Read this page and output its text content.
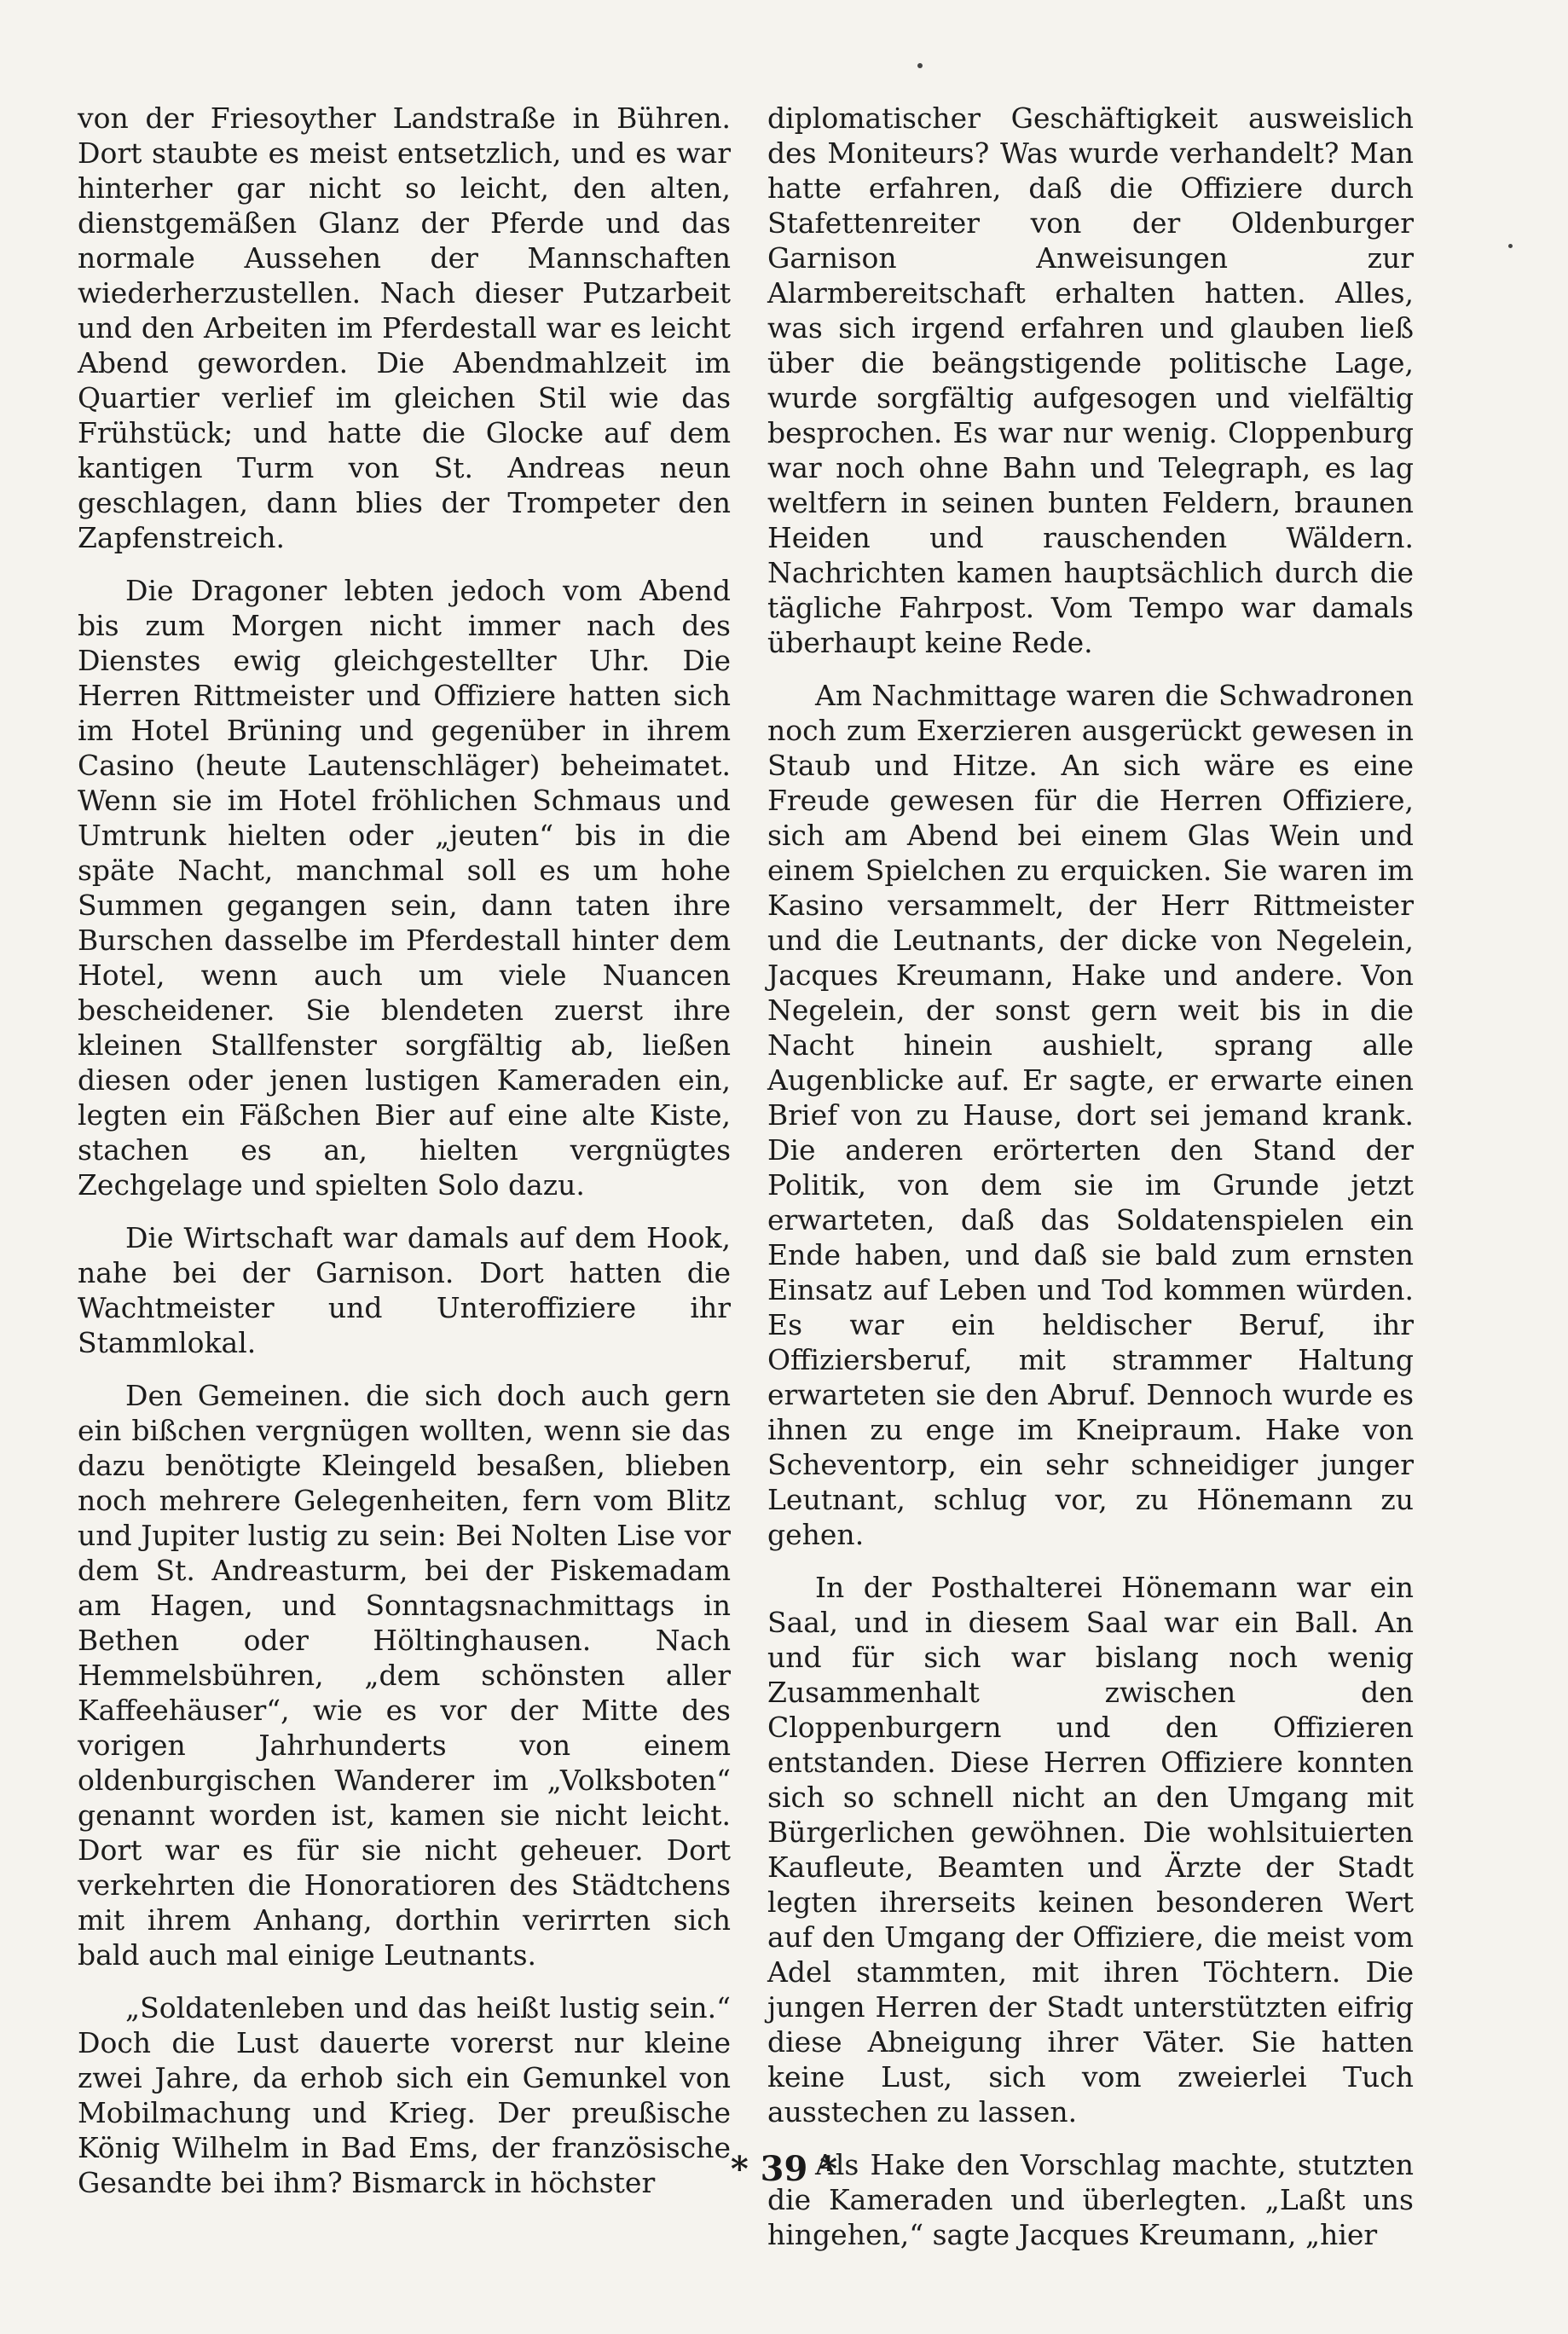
von der Friesoyther Landstraße in Bühren. Dort staubte es meist entsetzlich, und es war hinterher gar nicht so leicht, den alten, dienstgemäßen Glanz der Pferde und das normale Aussehen der Mannschaften wiederherzustellen. Nach dieser Putzarbeit und den Arbeiten im Pferdestall war es leicht Abend geworden. Die Abendmahlzeit im Quartier verlief im gleichen Stil wie das Frühstück; und hatte die Glocke auf dem kantigen Turm von St. Andreas neun geschlagen, dann blies der Trompeter den Zapfenstreich.

Die Dragoner lebten jedoch vom Abend bis zum Morgen nicht immer nach des Dienstes ewig gleichgestellter Uhr. Die Herren Rittmeister und Offiziere hatten sich im Hotel Brüning und gegenüber in ihrem Casino (heute Lautenschläger) beheimatet. Wenn sie im Hotel fröhlichen Schmaus und Umtrunk hielten oder „jeuten“ bis in die späte Nacht, manchmal soll es um hohe Summen gegangen sein, dann taten ihre Burschen dasselbe im Pferdestall hinter dem Hotel, wenn auch um viele Nuancen bescheidener. Sie blendeten zuerst ihre kleinen Stallfenster sorgfältig ab, ließen diesen oder jenen lustigen Kameraden ein, legten ein Fäßchen Bier auf eine alte Kiste, stachen es an, hielten vergnügtes Zechgelage und spielten Solo dazu.

Die Wirtschaft war damals auf dem Hook, nahe bei der Garnison. Dort hatten die Wachtmeister und Unteroffiziere ihr Stammlokal.

Den Gemeinen. die sich doch auch gern ein bißchen vergnügen wollten, wenn sie das dazu benötigte Kleingeld besaßen, blieben noch mehrere Gelegenheiten, fern vom Blitz und Jupiter lustig zu sein: Bei Nolten Lise vor dem St. Andreasturm, bei der Piskemadam am Hagen, und Sonntagsnachmittags in Bethen oder Höltinghausen. Nach Hemmelsbühren, „dem schönsten aller Kaffeehäuser“, wie es vor der Mitte des vorigen Jahrhunderts von einem oldenburgischen Wanderer im „Volksboten“ genannt worden ist, kamen sie nicht leicht. Dort war es für sie nicht geheuer. Dort verkehrten die Honoratioren des Städtchens mit ihrem Anhang, dorthin verirrten sich bald auch mal einige Leutnants.

„Soldatenleben und das heißt lustig sein.“ Doch die Lust dauerte vorerst nur kleine zwei Jahre, da erhob sich ein Gemunkel von Mobilmachung und Krieg. Der preußische König Wilhelm in Bad Ems, der französische Gesandte bei ihm? Bismarck in höchster

diplomatischer Geschäftigkeit ausweislich des Moniteurs? Was wurde verhandelt? Man hatte erfahren, daß die Offiziere durch Stafettenreiter von der Oldenburger Garnison Anweisungen zur Alarmbereitschaft erhalten hatten. Alles, was sich irgend erfahren und glauben ließ über die beängstigende politische Lage, wurde sorgfältig aufgesogen und vielfältig besprochen. Es war nur wenig. Cloppenburg war noch ohne Bahn und Telegraph, es lag weltfern in seinen bunten Feldern, braunen Heiden und rauschenden Wäldern. Nachrichten kamen hauptsächlich durch die tägliche Fahrpost. Vom Tempo war damals überhaupt keine Rede.

Am Nachmittage waren die Schwadronen noch zum Exerzieren ausgerückt gewesen in Staub und Hitze. An sich wäre es eine Freude gewesen für die Herren Offiziere, sich am Abend bei einem Glas Wein und einem Spielchen zu erquicken. Sie waren im Kasino versammelt, der Herr Rittmeister und die Leutnants, der dicke von Negelein, Jacques Kreumann, Hake und andere. Von Negelein, der sonst gern weit bis in die Nacht hinein aushielt, sprang alle Augenblicke auf. Er sagte, er erwarte einen Brief von zu Hause, dort sei jemand krank. Die anderen erörterten den Stand der Politik, von dem sie im Grunde jetzt erwarteten, daß das Soldatenspielen ein Ende haben, und daß sie bald zum ernsten Einsatz auf Leben und Tod kommen würden. Es war ein heldischer Beruf, ihr Offiziersberuf, mit strammer Haltung erwarteten sie den Abruf. Dennoch wurde es ihnen zu enge im Kneipraum. Hake von Scheventorp, ein sehr schneidiger junger Leutnant, schlug vor, zu Hönemann zu gehen.

In der Posthalterei Hönemann war ein Saal, und in diesem Saal war ein Ball. An und für sich war bislang noch wenig Zusammenhalt zwischen den Cloppenburgern und den Offizieren entstanden. Diese Herren Offiziere konnten sich so schnell nicht an den Umgang mit Bürgerlichen gewöhnen. Die wohlsituierten Kaufleute, Beamten und Ärzte der Stadt legten ihrerseits keinen besonderen Wert auf den Umgang der Offiziere, die meist vom Adel stammten, mit ihren Töchtern. Die jungen Herren der Stadt unterstützten eifrig diese Abneigung ihrer Väter. Sie hatten keine Lust, sich vom zweierlei Tuch ausstechen zu lassen.

Als Hake den Vorschlag machte, stutzten die Kameraden und überlegten. „Laßt uns hingehen,“ sagte Jacques Kreumann, „hier

* 39 *
